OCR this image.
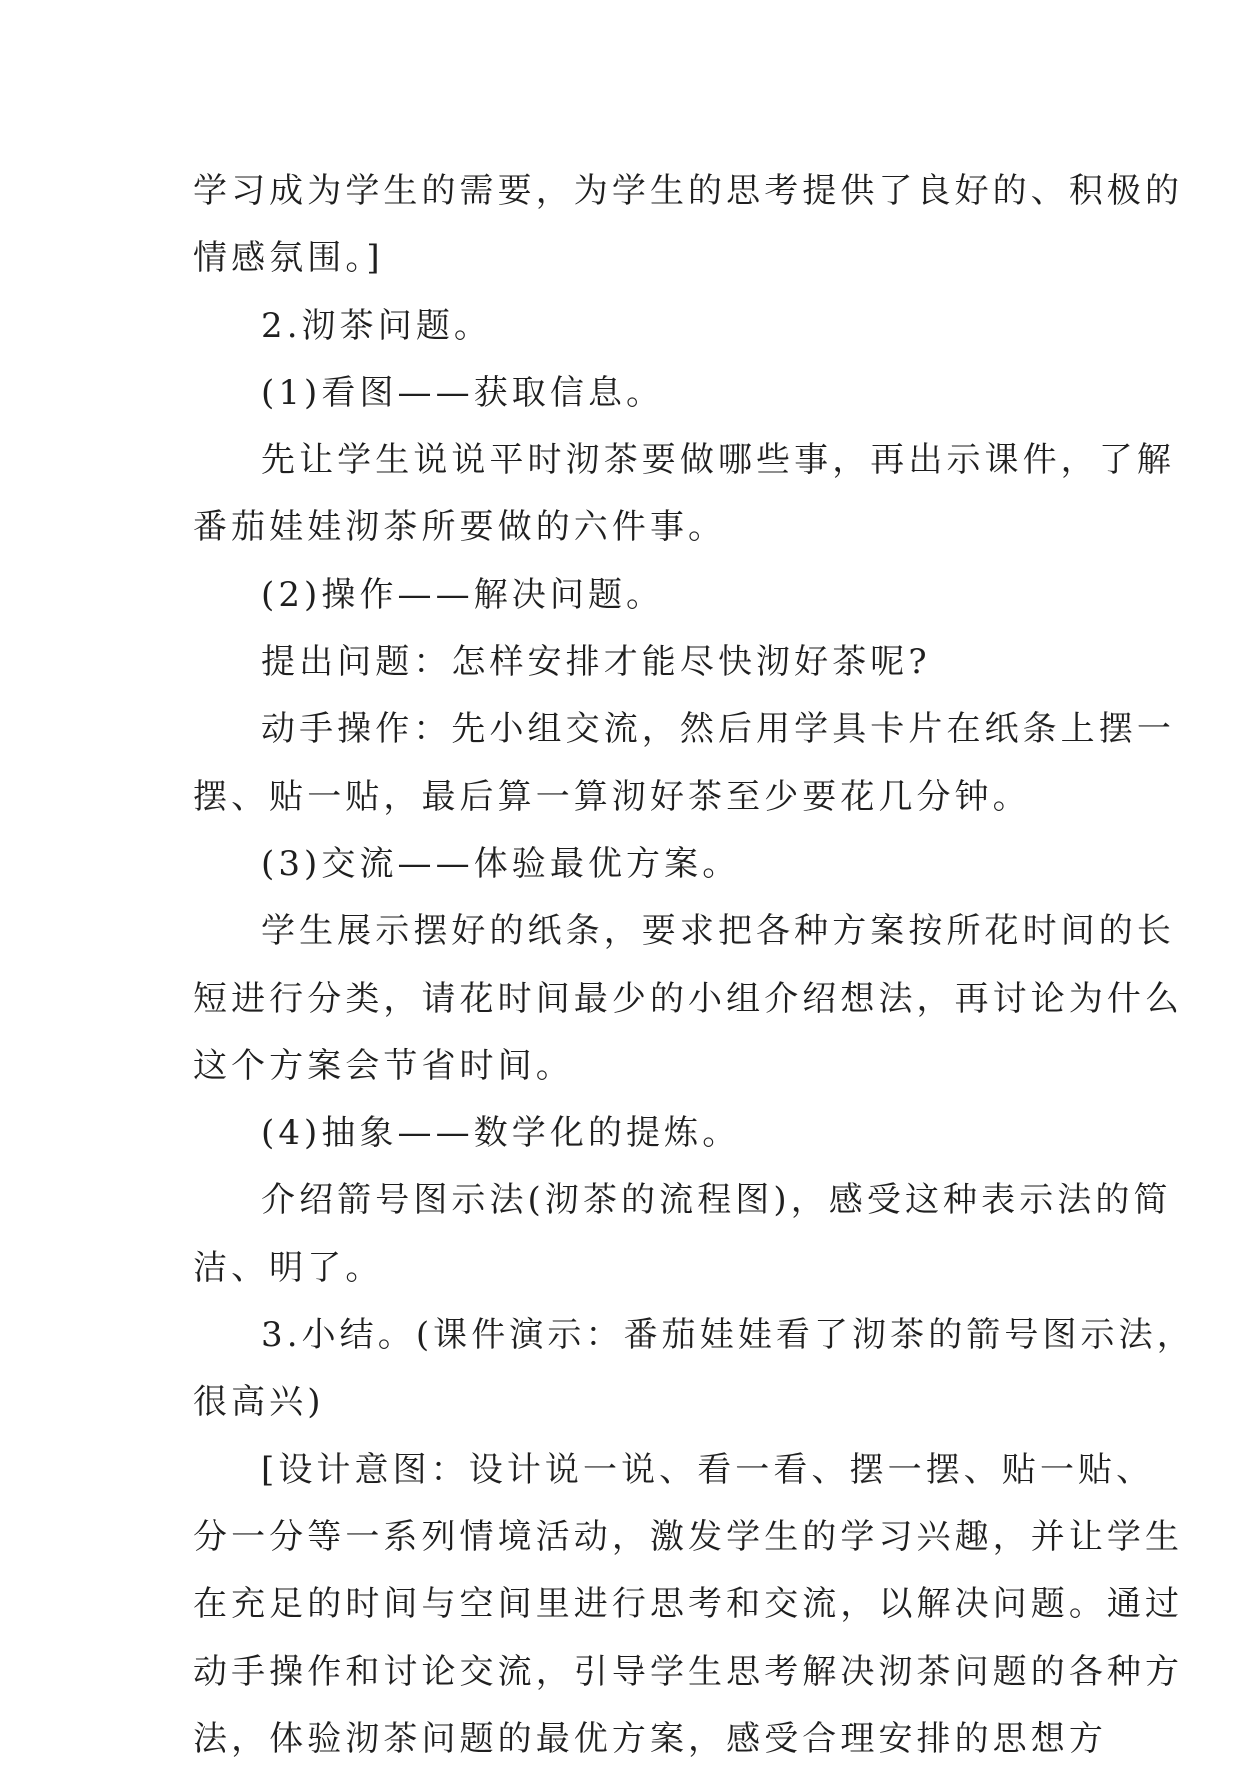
学习成为学生的需要，为学生的思考提供了良好的、积极的
情感氛围。]

2.沏茶问题。

(1)看图——获取信息。

先让学生说说平时沏茶要做哪些事，再出示课件，了解
番茄娃娃沏茶所要做的六件事。

(2)操作——解决问题。

提出问题：怎样安排才能尽快沏好茶呢?

动手操作：先小组交流，然后用学具卡片在纸条上摆一
摆、贴一贴，最后算一算沏好茶至少要花几分钟。

(3)交流——体验最优方案。

学生展示摆好的纸条，要求把各种方案按所花时间的长
短进行分类，请花时间最少的小组介绍想法，再讨论为什么
这个方案会节省时间。

(4)抽象——数学化的提炼。

介绍箭号图示法(沏茶的流程图)，感受这种表示法的简
洁、明了。

3.小结。(课件演示：番茄娃娃看了沏茶的箭号图示法，
很高兴)

[设计意图：设计说一说、看一看、摆一摆、贴一贴、
分一分等一系列情境活动，激发学生的学习兴趣，并让学生
在充足的时间与空间里进行思考和交流，以解决问题。通过
动手操作和讨论交流，引导学生思考解决沏茶问题的各种方
法，体验沏茶问题的最优方案，感受合理安排的思想方
